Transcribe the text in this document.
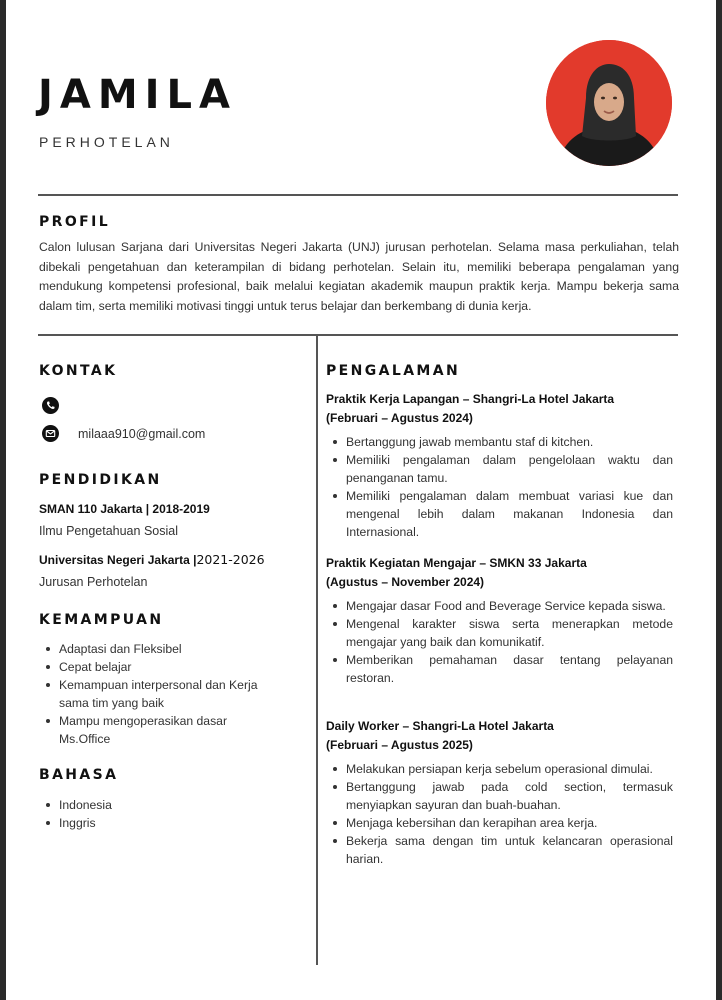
JAMILA
PERHOTELAN
PROFIL

Calon lulusan Sarjana dari Universitas Negeri Jakarta (UNJ) jurusan perhotelan. Selama masa perkuliahan, telah dibekali pengetahuan dan keterampilan di bidang perhotelan. Selain itu, memiliki beberapa pengalaman yang mendukung kompetensi profesional, baik melalui kegiatan akademik maupun praktik kerja. Mampu bekerja sama dalam tim, serta memiliki motivasi tinggi untuk terus belajar dan berkembang di dunia kerja.

KONTAK
milaaa910@gmail.com
PENDIDIKAN
SMAN 110 Jakarta | 2018-2019
Ilmu Pengetahuan Sosial
Universitas Negeri Jakarta |2021-2026
Jurusan Perhotelan
KEMAMPUAN
Adaptasi dan Fleksibel
Cepat belajar
Kemampuan interpersonal dan Kerja sama tim yang baik
Mampu mengoperasikan dasar Ms.Office
BAHASA
Indonesia
Inggris
PENGALAMAN
Praktik Kerja Lapangan – Shangri-La Hotel Jakarta
(Februari – Agustus 2024)
Bertanggung jawab membantu staf di kitchen.
Memiliki pengalaman dalam pengelolaan waktu dan penanganan tamu.
Memiliki pengalaman dalam membuat variasi kue dan mengenal lebih dalam makanan Indonesia dan Internasional.
Praktik Kegiatan Mengajar – SMKN 33 Jakarta
(Agustus – November 2024)
Mengajar dasar Food and Beverage Service kepada siswa.
Mengenal karakter siswa serta menerapkan metode mengajar yang baik dan komunikatif.
Memberikan pemahaman dasar tentang pelayanan restoran.
Daily Worker – Shangri-La Hotel Jakarta
(Februari – Agustus 2025)
Melakukan persiapan kerja sebelum operasional dimulai.
Bertanggung jawab pada cold section, termasuk menyiapkan sayuran dan buah-buahan.
Menjaga kebersihan dan kerapihan area kerja.
Bekerja sama dengan tim untuk kelancaran operasional harian.
